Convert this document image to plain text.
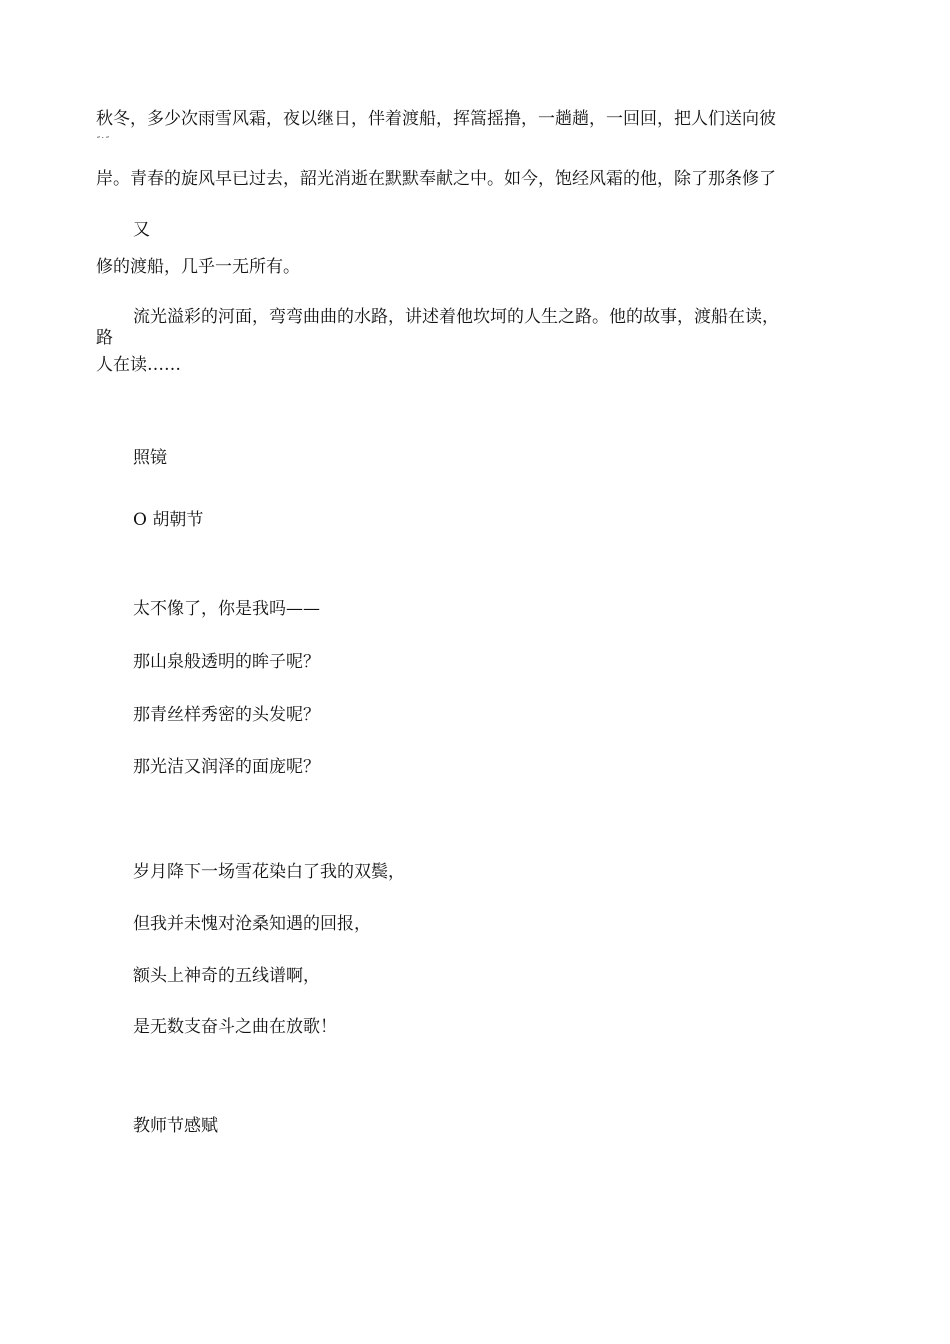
秋冬，多少次雨雪风霜，夜以继日，伴着渡船，挥篙摇撸，一趟趟，一回回，把人们送向彼
˝˙˝
岸。青春的旋风早已过去，韶光消逝在默默奉献之中。如今，饱经风霜的他，除了那条修了
又
修的渡船，几乎一无所有。
流光溢彩的河面，弯弯曲曲的水路，讲述着他坎坷的人生之路。他的故事，渡船在读，
路
人在读……
照镜
O 胡朝节
太不像了，你是我吗——
那山泉般透明的眸子呢？
那青丝样秀密的头发呢？
那光洁又润泽的面庞呢？
岁月降下一场雪花染白了我的双鬓，
但我并未愧对沧桑知遇的回报，
额头上神奇的五线谱啊，
是无数支奋斗之曲在放歌！
教师节感赋
